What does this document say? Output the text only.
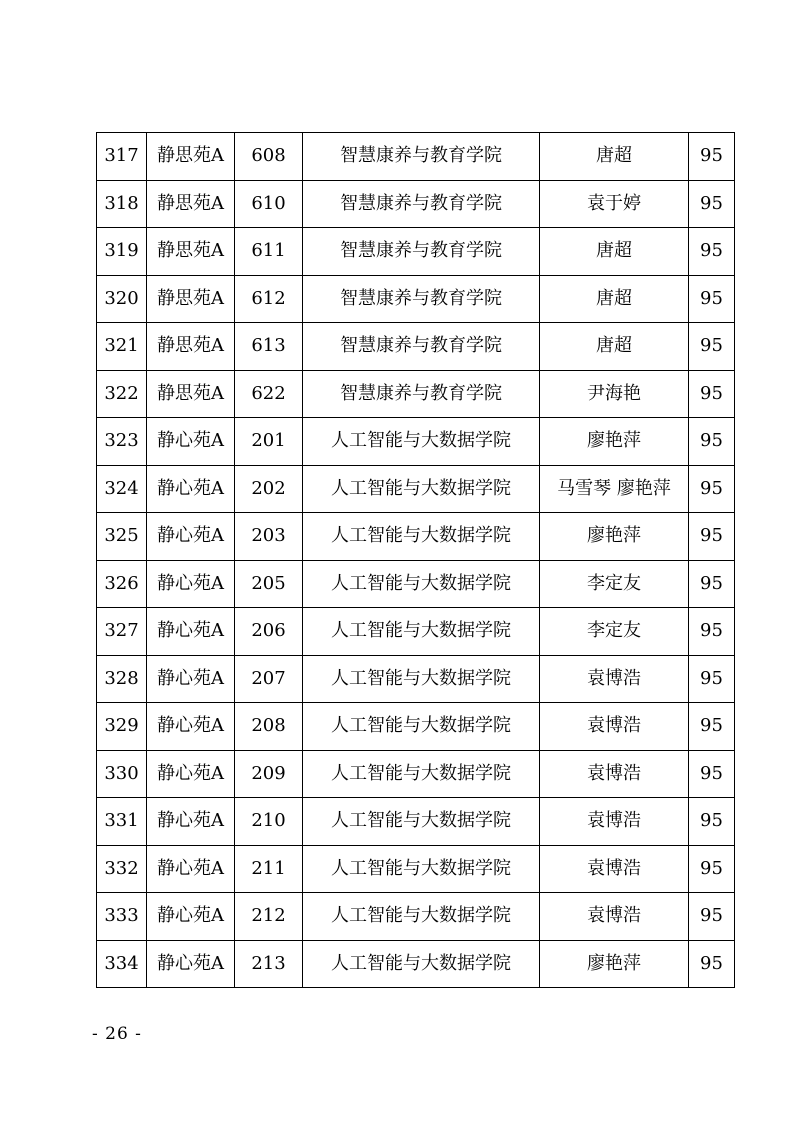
317	静思苑A	608	智慧康养与教育学院	唐超	95
318	静思苑A	610	智慧康养与教育学院	袁于婷	95
319	静思苑A	611	智慧康养与教育学院	唐超	95
320	静思苑A	612	智慧康养与教育学院	唐超	95
321	静思苑A	613	智慧康养与教育学院	唐超	95
322	静思苑A	622	智慧康养与教育学院	尹海艳	95
323	静心苑A	201	人工智能与大数据学院	廖艳萍	95
324	静心苑A	202	人工智能与大数据学院	马雪琴 廖艳萍	95
325	静心苑A	203	人工智能与大数据学院	廖艳萍	95
326	静心苑A	205	人工智能与大数据学院	李定友	95
327	静心苑A	206	人工智能与大数据学院	李定友	95
328	静心苑A	207	人工智能与大数据学院	袁博浩	95
329	静心苑A	208	人工智能与大数据学院	袁博浩	95
330	静心苑A	209	人工智能与大数据学院	袁博浩	95
331	静心苑A	210	人工智能与大数据学院	袁博浩	95
332	静心苑A	211	人工智能与大数据学院	袁博浩	95
333	静心苑A	212	人工智能与大数据学院	袁博浩	95
334	静心苑A	213	人工智能与大数据学院	廖艳萍	95
- 26 -
